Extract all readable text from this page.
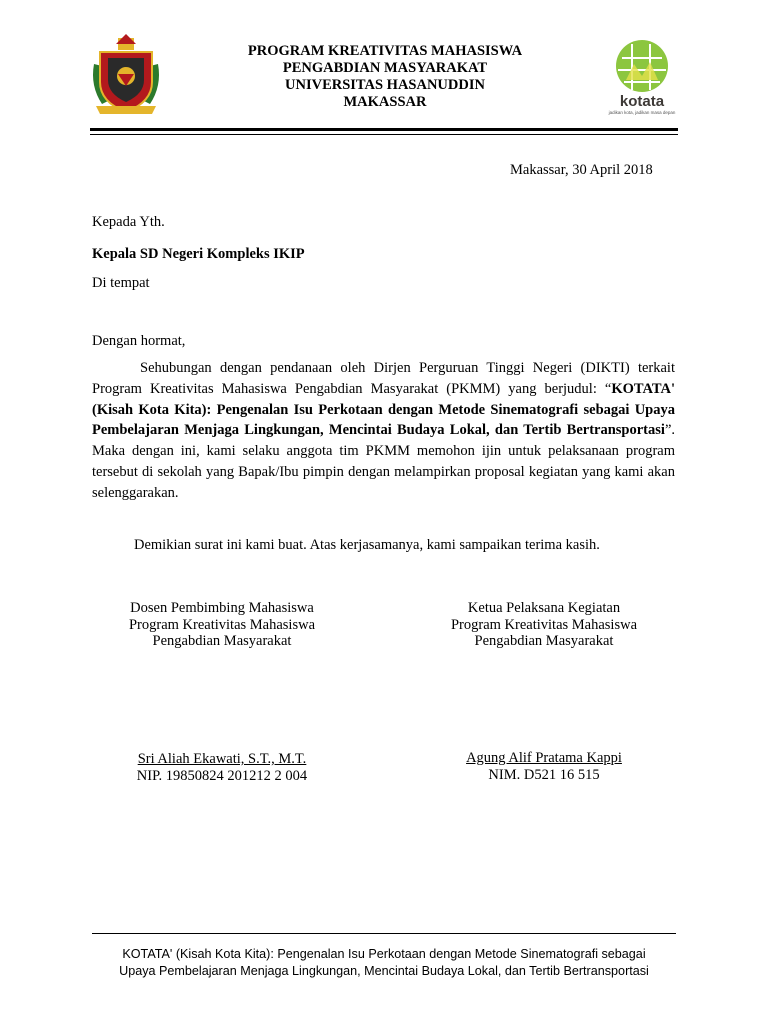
PROGRAM KREATIVITAS MAHASISWA
PENGABDIAN MASYARAKAT
UNIVERSITAS HASANUDDIN
MAKASSAR	kotata
jadikan kota, jadikan masa depan
Makassar, 30 April 2018
Kepada Yth.
Kepala SD Negeri Kompleks IKIP
Di tempat
Dengan hormat,
Sehubungan dengan pendanaan oleh Dirjen Perguruan Tinggi Negeri (DIKTI) terkait Program Kreativitas Mahasiswa Pengabdian Masyarakat (PKMM) yang berjudul: “KOTATA' (Kisah Kota Kita): Pengenalan Isu Perkotaan dengan Metode Sinematografi sebagai Upaya Pembelajaran Menjaga Lingkungan, Mencintai Budaya Lokal, dan Tertib Bertransportasi”. Maka dengan ini, kami selaku anggota tim PKMM memohon ijin untuk pelaksanaan program tersebut di sekolah yang Bapak/Ibu pimpin dengan melampirkan proposal kegiatan yang kami akan selenggarakan.
Demikian surat ini kami buat. Atas kerjasamanya, kami sampaikan terima kasih.
Dosen Pembimbing Mahasiswa
Program Kreativitas Mahasiswa
Pengabdian Masyarakat
Sri Aliah Ekawati, S.T., M.T.
NIP. 19850824 201212 2 004
Ketua Pelaksana Kegiatan
Program Kreativitas Mahasiswa
Pengabdian Masyarakat
Agung Alif Pratama Kappi
NIM. D521 16 515
KOTATA' (Kisah Kota Kita): Pengenalan Isu Perkotaan dengan Metode Sinematografi sebagai
Upaya Pembelajaran Menjaga Lingkungan, Mencintai Budaya Lokal, dan Tertib Bertransportasi
